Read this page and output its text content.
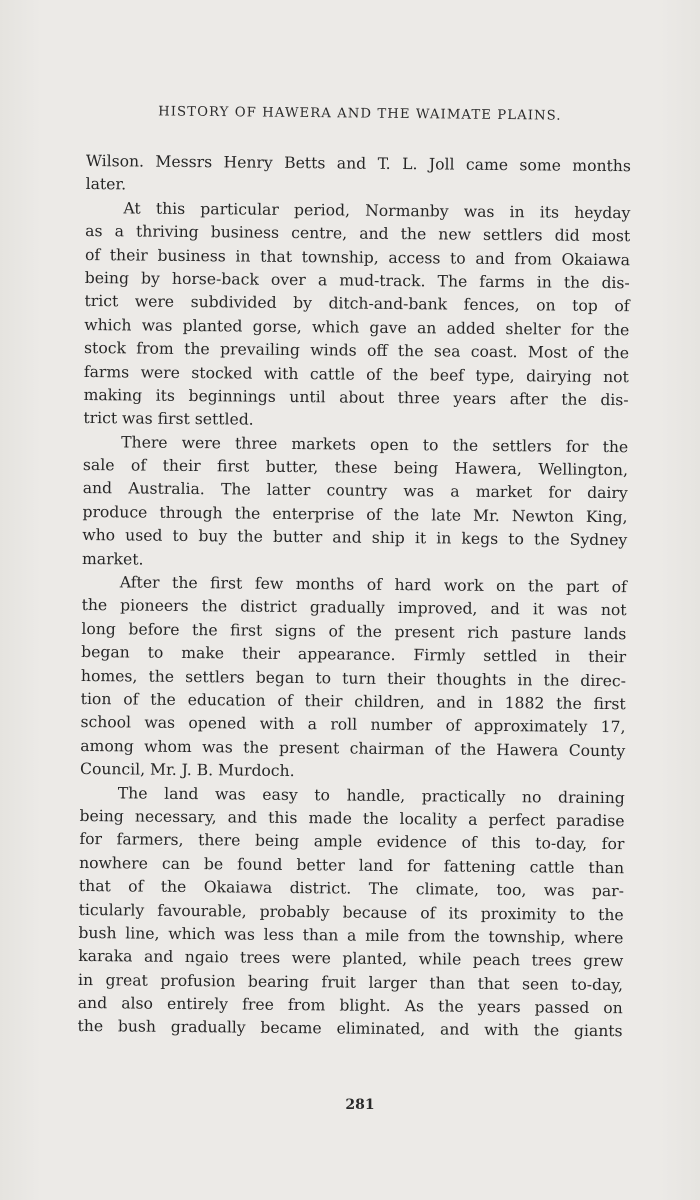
HISTORY OF HAWERA AND THE WAIMATE PLAINS.
Wilson. Messrs Henry Betts and T. L. Joll came some months
later.
At this particular period, Normanby was in its heyday
as a thriving business centre, and the new settlers did most
of their business in that township, access to and from Okaiawa
being by horse-back over a mud-track. The farms in the dis-
trict were subdivided by ditch-and-bank fences, on top of
which was planted gorse, which gave an added shelter for the
stock from the prevailing winds off the sea coast. Most of the
farms were stocked with cattle of the beef type, dairying not
making its beginnings until about three years after the dis-
trict was first settled.
There were three markets open to the settlers for the
sale of their first butter, these being Hawera, Wellington,
and Australia. The latter country was a market for dairy
produce through the enterprise of the late Mr. Newton King,
who used to buy the butter and ship it in kegs to the Sydney
market.
After the first few months of hard work on the part of
the pioneers the district gradually improved, and it was not
long before the first signs of the present rich pasture lands
began to make their appearance. Firmly settled in their
homes, the settlers began to turn their thoughts in the direc-
tion of the education of their children, and in 1882 the first
school was opened with a roll number of approximately 17,
among whom was the present chairman of the Hawera County
Council, Mr. J. B. Murdoch.
The land was easy to handle, practically no draining
being necessary, and this made the locality a perfect paradise
for farmers, there being ample evidence of this to-day, for
nowhere can be found better land for fattening cattle than
that of the Okaiawa district. The climate, too, was par-
ticularly favourable, probably because of its proximity to the
bush line, which was less than a mile from the township, where
karaka and ngaio trees were planted, while peach trees grew
in great profusion bearing fruit larger than that seen to-day,
and also entirely free from blight. As the years passed on
the bush gradually became eliminated, and with the giants
281
